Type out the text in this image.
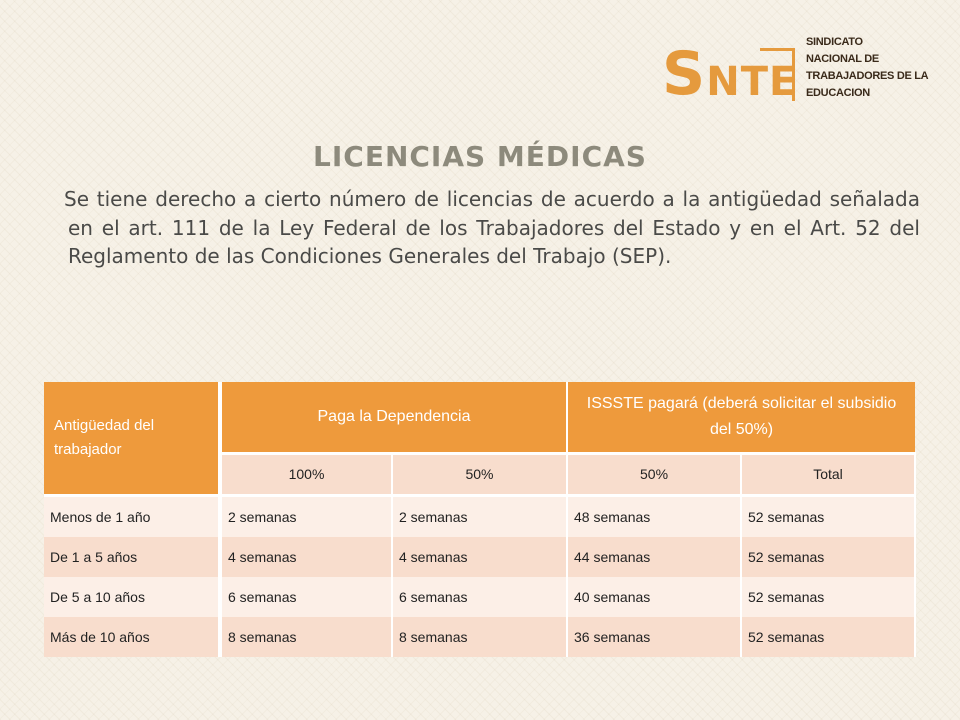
S NTE
SINDICATO
NACIONAL DE
TRABAJADORES DE LA
EDUCACION
LICENCIAS MÉDICAS
Se tiene derecho a cierto número de licencias de acuerdo a la antigüedad señalada en el art. 111 de la Ley Federal de los Trabajadores del Estado y en el Art. 52 del Reglamento de las Condiciones Generales del Trabajo (SEP).
Antigüedad del trabajador	Paga la Dependencia		ISSSTE pagará (deberá solicitar el subsidio del 50%)	
	100%	50%	50%	Total
Menos de 1 año	2 semanas	2 semanas	48 semanas	52 semanas
De 1 a 5 años	4 semanas	4 semanas	44 semanas	52 semanas
De 5 a 10 años	6 semanas	6 semanas	40 semanas	52 semanas
Más de 10 años	8 semanas	8 semanas	36 semanas	52 semanas
